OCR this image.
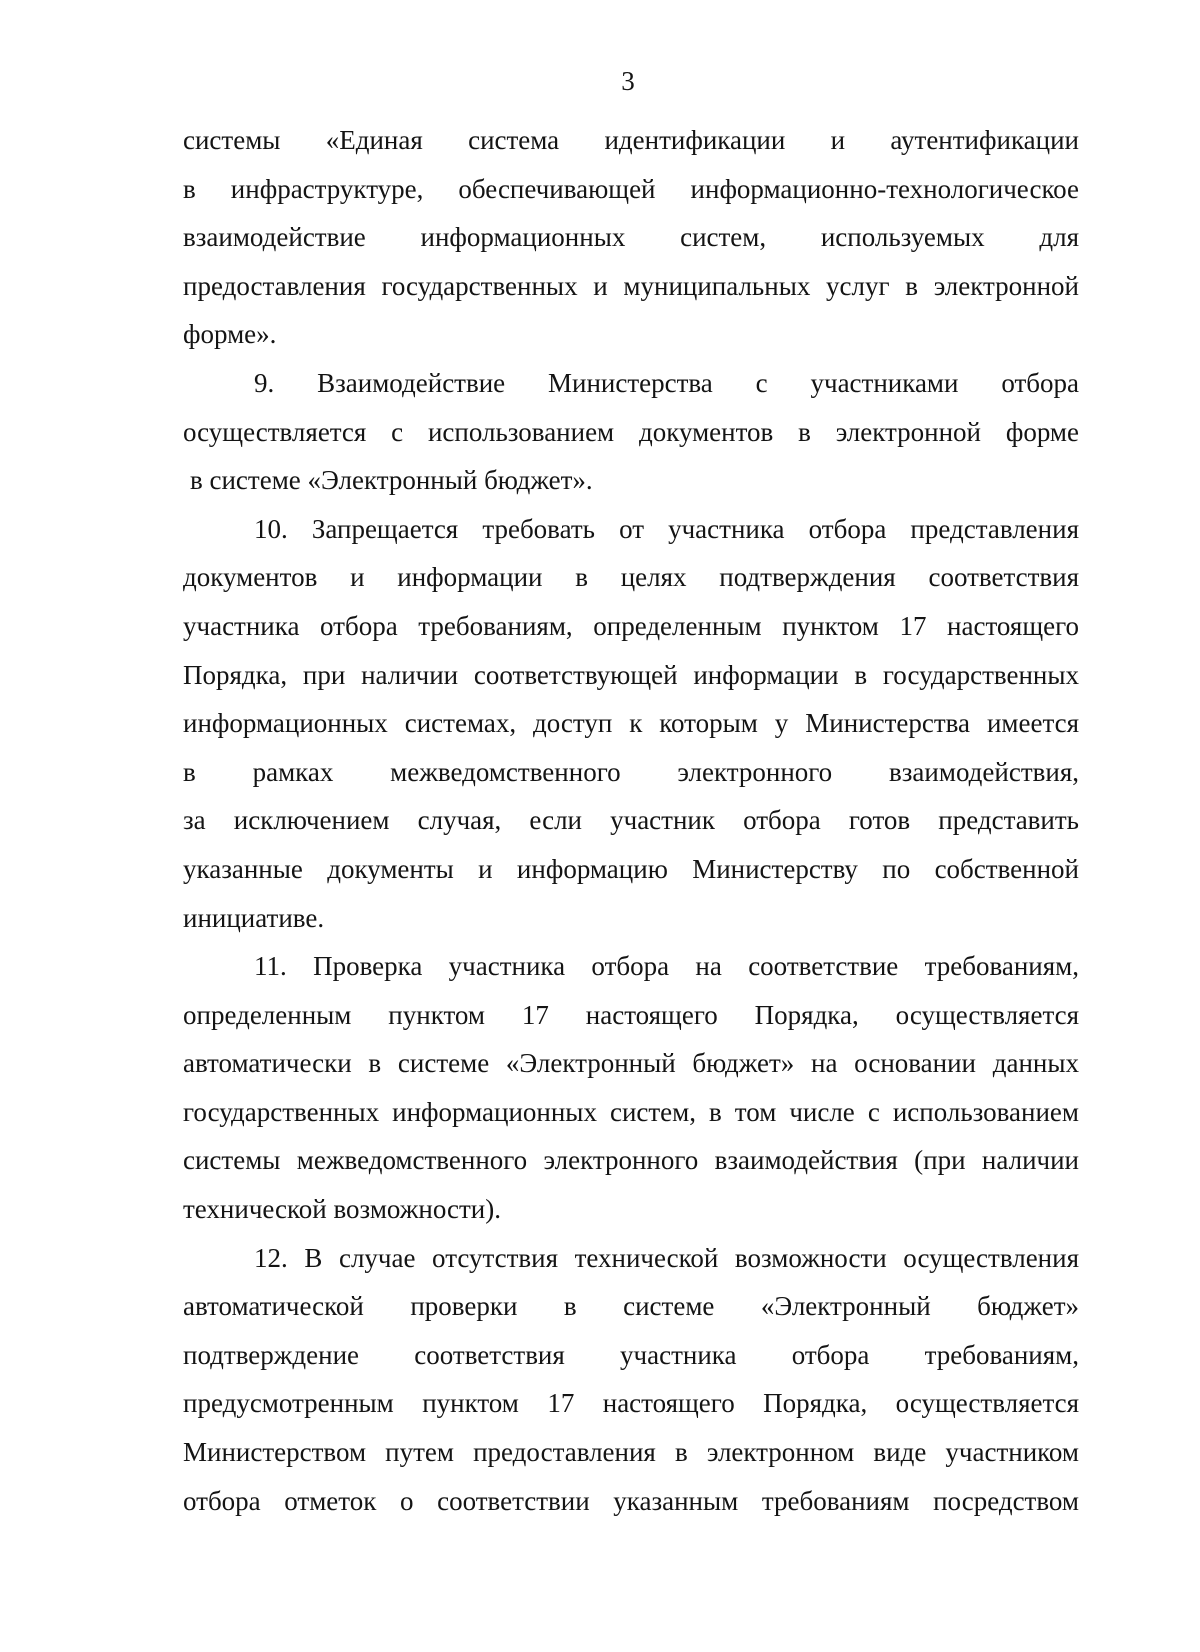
3

системы «Единая система идентификации и аутентификации
в инфраструктуре, обеспечивающей информационно-технологическое
взаимодействие информационных систем, используемых для
предоставления государственных и муниципальных услуг в электронной
форме».

9. Взаимодействие Министерства с участниками отбора
осуществляется с использованием документов в электронной форме
в системе «Электронный бюджет».

10. Запрещается требовать от участника отбора представления
документов и информации в целях подтверждения соответствия
участника отбора требованиям, определенным пунктом 17 настоящего
Порядка, при наличии соответствующей информации в государственных
информационных системах, доступ к которым у Министерства имеется
в рамках межведомственного электронного взаимодействия,
за исключением случая, если участник отбора готов представить
указанные документы и информацию Министерству по собственной
инициативе.

11. Проверка участника отбора на соответствие требованиям,
определенным пунктом 17 настоящего Порядка, осуществляется
автоматически в системе «Электронный бюджет» на основании данных
государственных информационных систем, в том числе с использованием
системы межведомственного электронного взаимодействия (при наличии
технической возможности).

12. В случае отсутствия технической возможности осуществления
автоматической проверки в системе «Электронный бюджет»
подтверждение соответствия участника отбора требованиям,
предусмотренным пунктом 17 настоящего Порядка, осуществляется
Министерством путем предоставления в электронном виде участником
отбора отметок о соответствии указанным требованиям посредством
